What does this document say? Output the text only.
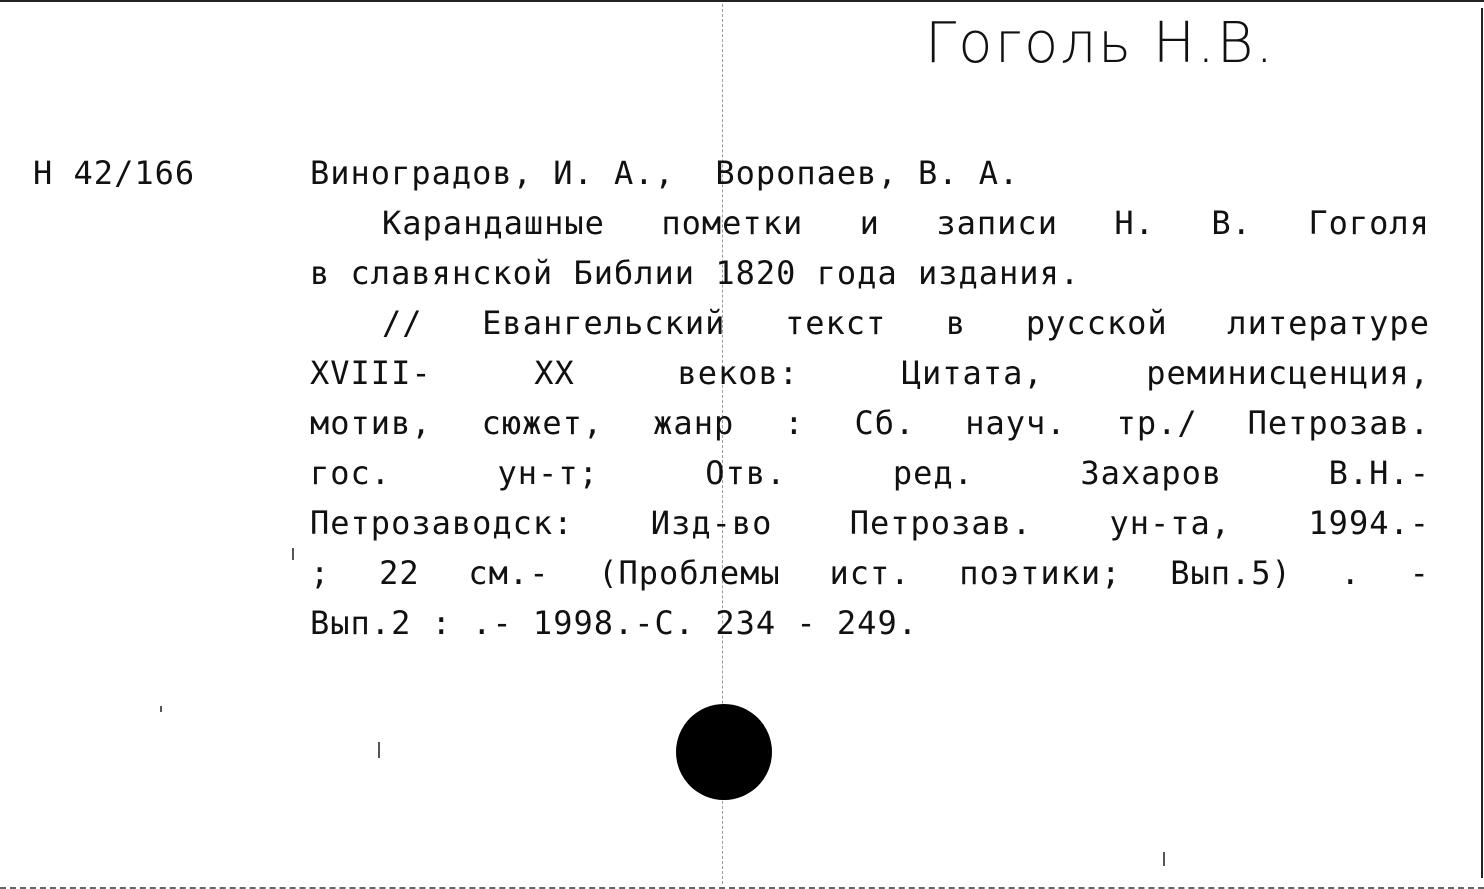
Гоголь Н.В.
Н 42/166	Виноградов, И. А.,  Воропаев, В. А.
Карандашные пометки и записи Н. В. Гоголя
в славянской Библии 1820 года издания.
// Евангельский текст в русской литературе
XVIII-	XX	веков:	Цитата,	реминисценция,
мотив, сюжет, жанр : Сб. науч. тр./ Петрозав.
гос.	ун-т;	Отв.	ред.	Захаров	В.Н.-
Петрозаводск: Изд-во Петрозав. ун-та, 1994.-
; 22 см.- (Проблемы ист. поэтики; Вып.5) . -
Вып.2 : .- 1998.-С. 234 - 249.
